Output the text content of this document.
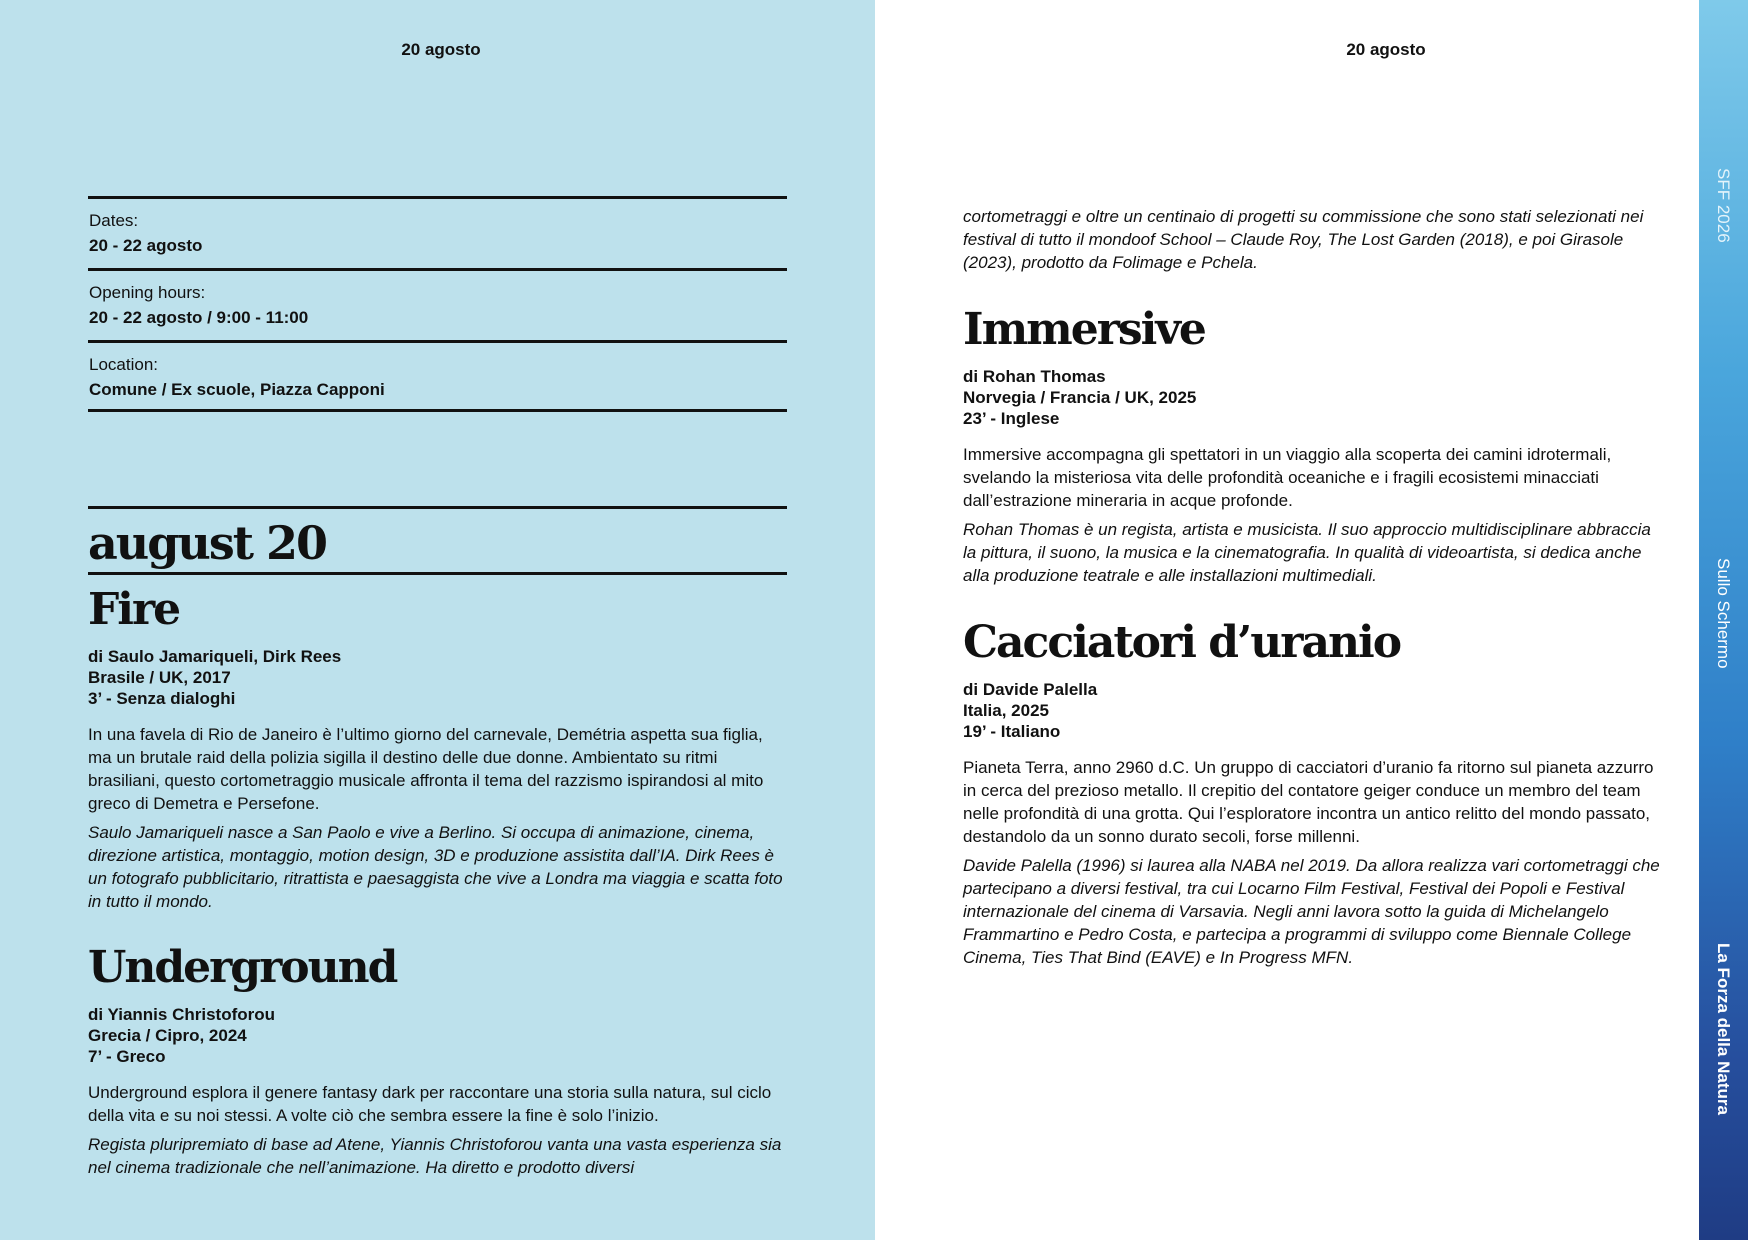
20 agosto
Dates:
20 - 22 agosto
Opening hours:
20 - 22 agosto / 9:00 - 11:00
Location:
Comune / Ex scuole, Piazza Capponi
august 20
Fire
di Saulo Jamariqueli, Dirk Rees
Brasile / UK, 2017
3’ - Senza dialoghi
In una favela di Rio de Janeiro è l’ultimo giorno del carnevale, Demétria aspetta sua figlia, ma un brutale raid della polizia sigilla il destino delle due donne. Ambientato su ritmi brasiliani, questo cortometraggio musicale affronta il tema del razzismo ispirandosi al mito greco di Demetra e Persefone.
Saulo Jamariqueli nasce a San Paolo e vive a Berlino. Si occupa di animazione, cinema, direzione artistica, montaggio, motion design, 3D e produzione assistita dall’IA. Dirk Rees è un fotografo pubblicitario, ritrattista e paesaggista che vive a Londra ma viaggia e scatta foto in tutto il mondo.
Underground
di Yiannis Christoforou
Grecia / Cipro, 2024
7’ - Greco
Underground esplora il genere fantasy dark per raccontare una storia sulla natura, sul ciclo della vita e su noi stessi. A volte ciò che sembra essere la fine è solo l’inizio.
Regista pluripremiato di base ad Atene, Yiannis Christoforou vanta una vasta esperienza sia nel cinema tradizionale che nell’animazione. Ha diretto e prodotto diversi
20 agosto
cortometraggi e oltre un centinaio di progetti su commissione che sono stati selezionati nei festival di tutto il mondoof School – Claude Roy, The Lost Garden (2018), e poi Girasole (2023), prodotto da Folimage e Pchela.
Immersive
di Rohan Thomas
Norvegia / Francia / UK, 2025
23’ - Inglese
Immersive accompagna gli spettatori in un viaggio alla scoperta dei camini idrotermali, svelando la misteriosa vita delle profondità oceaniche e i fragili ecosistemi minacciati dall’estrazione mineraria in acque profonde.
Rohan Thomas è un regista, artista e musicista. Il suo approccio multidisciplinare abbraccia la pittura, il suono, la musica e la cinematografia. In qualità di videoartista, si dedica anche alla produzione teatrale e alle installazioni multimediali.
Cacciatori d’uranio
di Davide Palella
Italia, 2025
19’ - Italiano
Pianeta Terra, anno 2960 d.C. Un gruppo di cacciatori d’uranio fa ritorno sul pianeta azzurro in cerca del prezioso metallo. Il crepitio del contatore geiger conduce un membro del team nelle profondità di una grotta. Qui l’esploratore incontra un antico relitto del mondo passato, destandolo da un sonno durato secoli, forse millenni.
Davide Palella (1996) si laurea alla NABA nel 2019. Da allora realizza vari cortometraggi che partecipano a diversi festival, tra cui Locarno Film Festival, Festival dei Popoli e Festival internazionale del cinema di Varsavia. Negli anni lavora sotto la guida di Michelangelo Frammartino e Pedro Costa, e partecipa a programmi di sviluppo come Biennale College Cinema, Ties That Bind (EAVE) e In Progress MFN.
SFF 2026
Sullo Schermo
La Forza della Natura
